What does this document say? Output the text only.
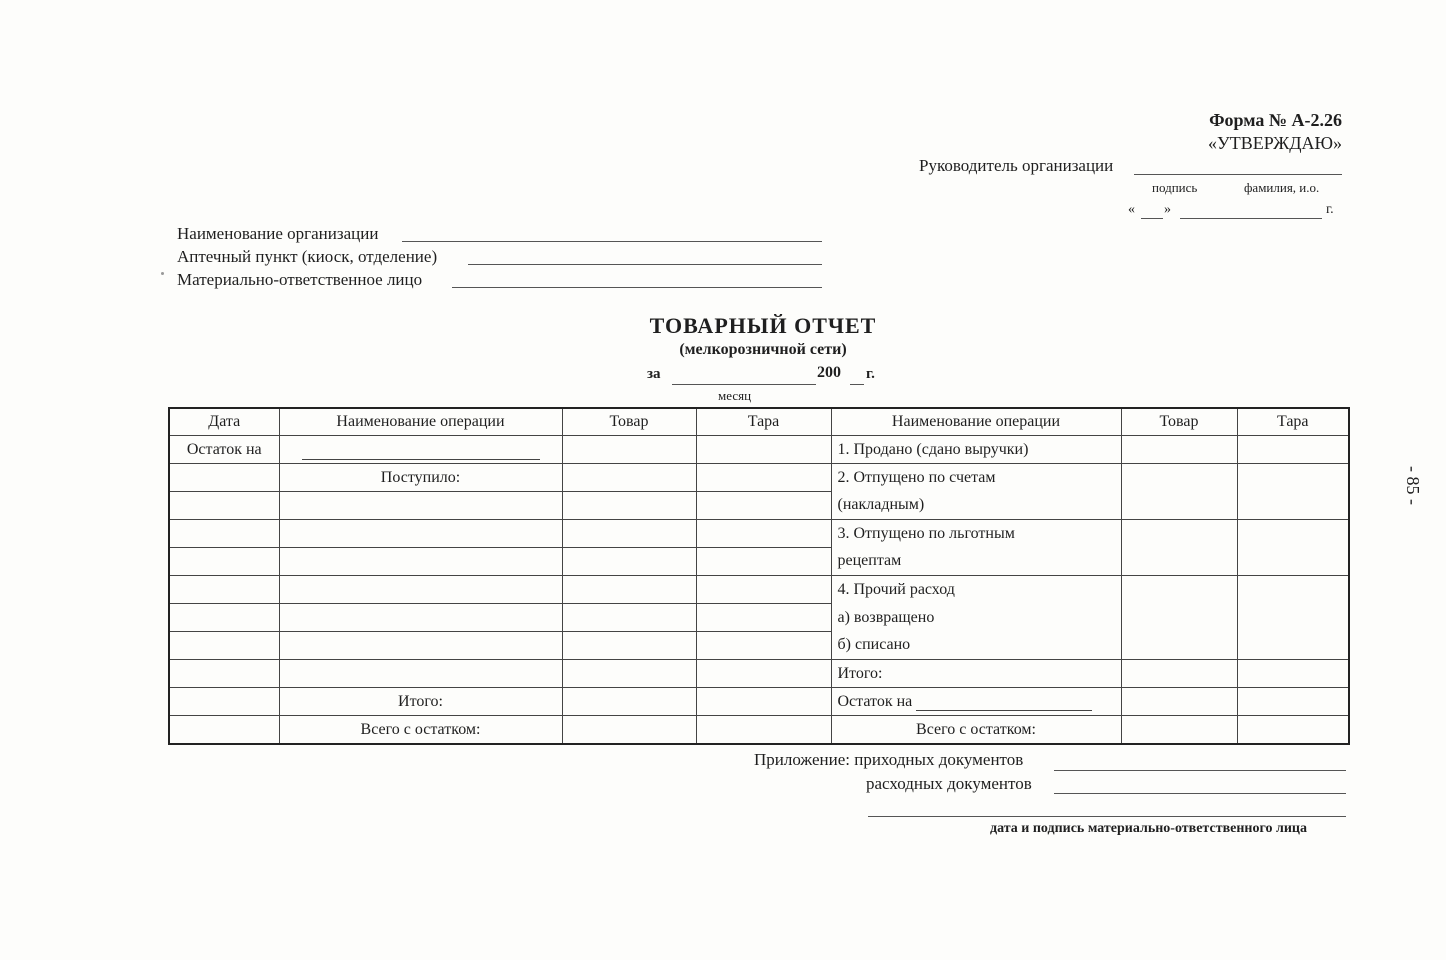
Форма № А-2.26
«УТВЕРЖДАЮ»
Руководитель организации
подпись	фамилия, и.о.
« »	г.
Наименование организации
Аптечный пункт (киоск, отделение)
Материально-ответственное лицо
ТОВАРНЫЙ ОТЧЕТ
(мелкорозничной сети)
за	200 г.
месяц
Дата	Наименование операции	Товар	Тара	Наименование операции	Товар	Тара
Остаток на				1. Продано (сдано выручки)		
	Поступило:			2. Отпущено по счетам		
				(накладным)		
				3. Отпущено по льготным		
				рецептам		
				4. Прочий расход		
				а) возвращено		
				б) списано		
				Итого:		
	Итого:			Остаток на		
	Всего с остатком:			Всего с остатком:		
Приложение: приходных документов
расходных документов
дата и подпись материально-ответственного лица
- 85 -
